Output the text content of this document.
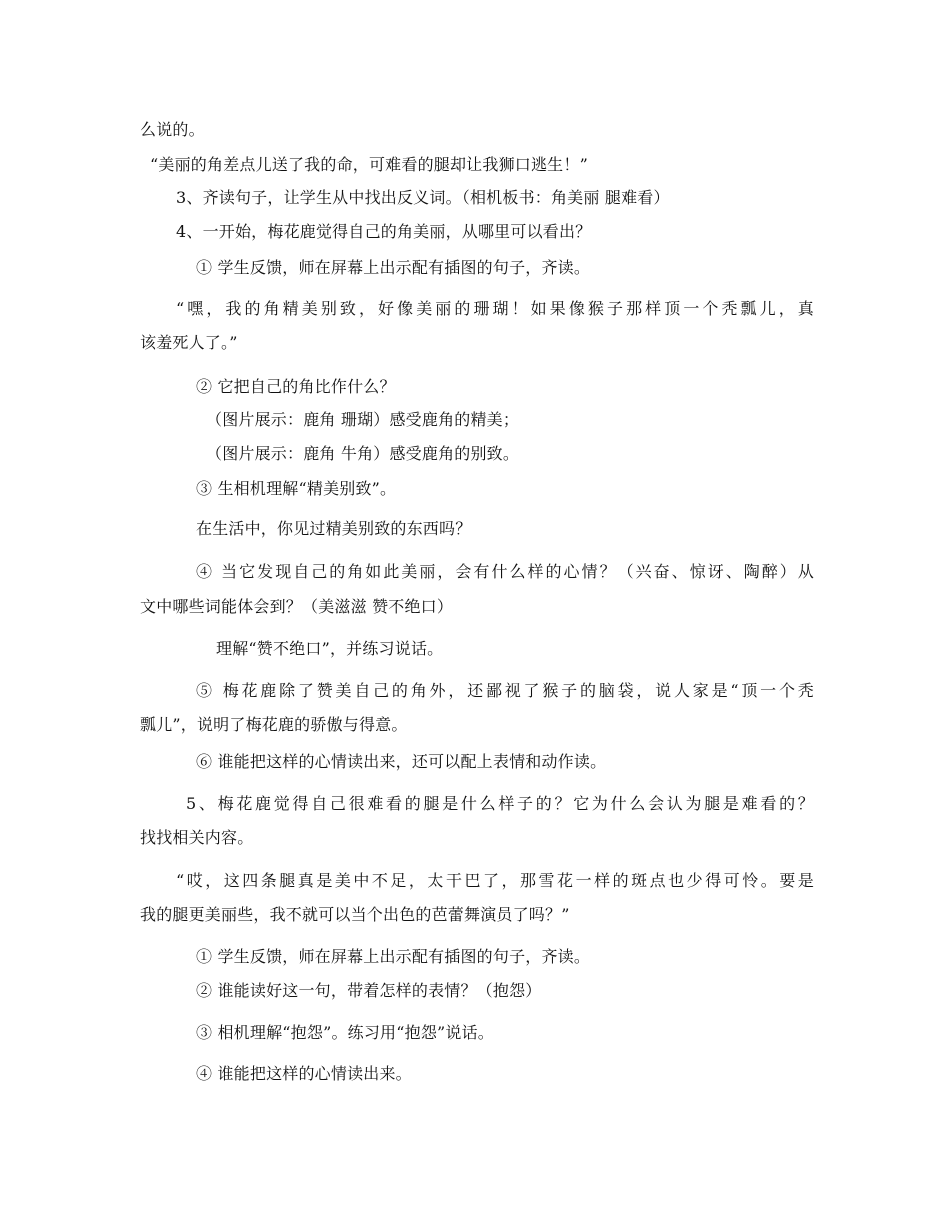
么说的。
“美丽的角差点儿送了我的命，可难看的腿却让我狮口逃生！”
3、齐读句子，让学生从中找出反义词。（相机板书：角美丽 腿难看）
4、一开始，梅花鹿觉得自己的角美丽，从哪里可以看出？
① 学生反馈，师在屏幕上出示配有插图的句子，齐读。
“嘿，我的角精美别致，好像美丽的珊瑚！如果像猴子那样顶一个秃瓢儿，真
该羞死人了。”
② 它把自己的角比作什么？
（图片展示：鹿角 珊瑚）感受鹿角的精美；
（图片展示：鹿角 牛角）感受鹿角的别致。
③ 生相机理解“精美别致”。
在生活中，你见过精美别致的东西吗？
④ 当它发现自己的角如此美丽，会有什么样的心情？（兴奋、惊讶、陶醉）从
文中哪些词能体会到？（美滋滋 赞不绝口）
理解“赞不绝口”，并练习说话。
⑤ 梅花鹿除了赞美自己的角外，还鄙视了猴子的脑袋，说人家是“顶一个秃
瓢儿”，说明了梅花鹿的骄傲与得意。
⑥ 谁能把这样的心情读出来，还可以配上表情和动作读。
5、梅花鹿觉得自己很难看的腿是什么样子的？它为什么会认为腿是难看的？
找找相关内容。
“哎，这四条腿真是美中不足，太干巴了，那雪花一样的斑点也少得可怜。要是
我的腿更美丽些，我不就可以当个出色的芭蕾舞演员了吗？”
① 学生反馈，师在屏幕上出示配有插图的句子，齐读。
② 谁能读好这一句，带着怎样的表情？（抱怨）
③ 相机理解“抱怨”。练习用“抱怨”说话。
④ 谁能把这样的心情读出来。
